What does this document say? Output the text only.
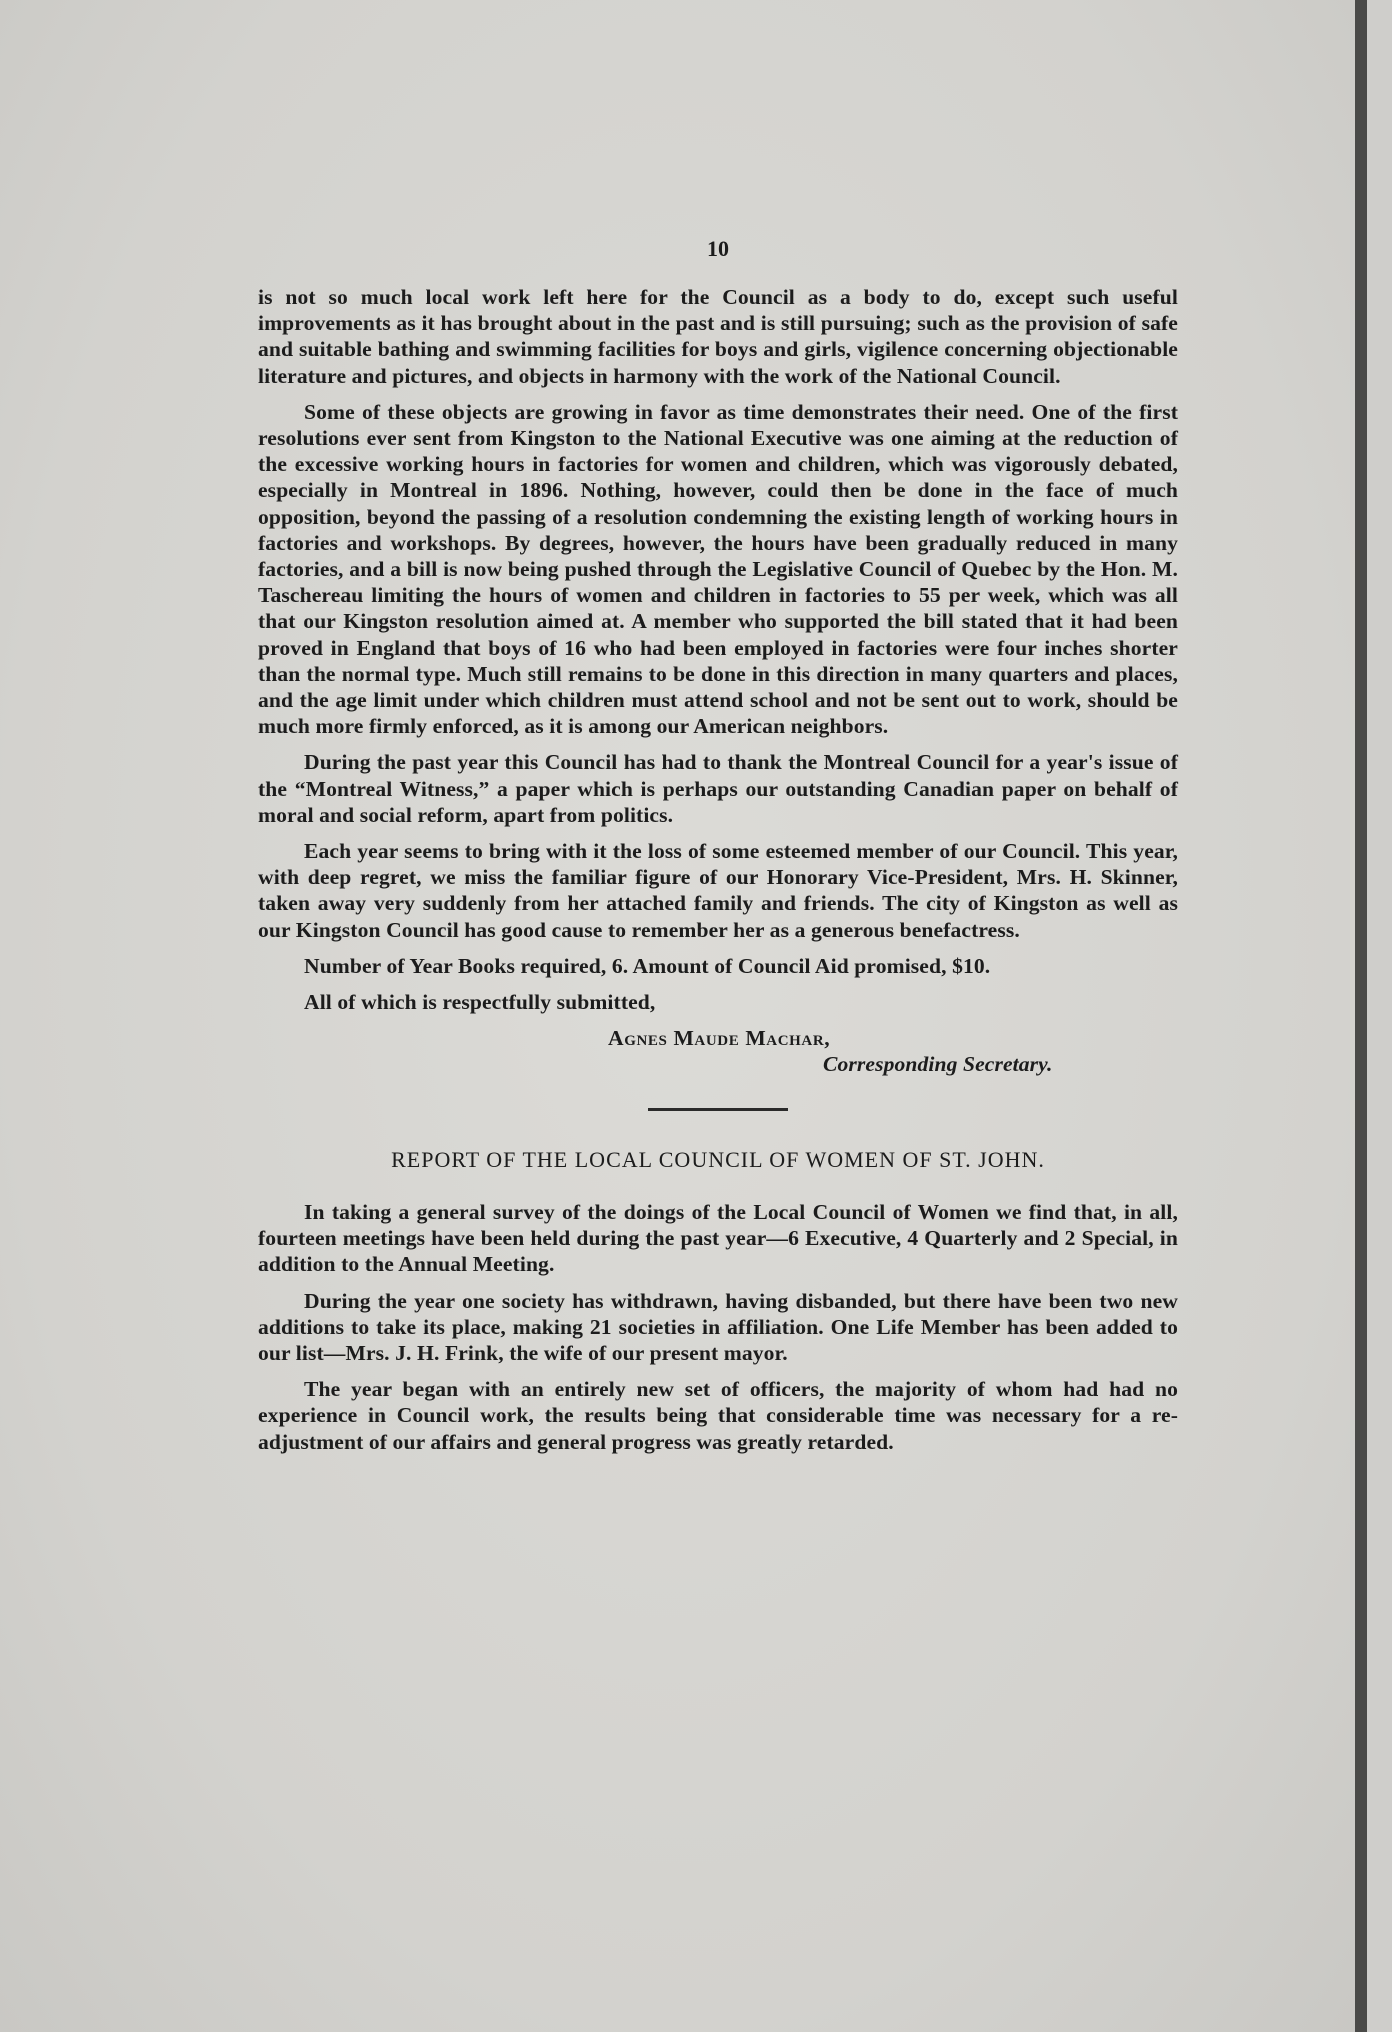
10

is not so much local work left here for the Council as a body to do, except such useful improvements as it has brought about in the past and is still pursuing; such as the provision of safe and suitable bathing and swimming facilities for boys and girls, vigilence concerning objectionable literature and pictures, and objects in harmony with the work of the National Council.

Some of these objects are growing in favor as time demonstrates their need. One of the first resolutions ever sent from Kingston to the National Executive was one aiming at the reduction of the excessive working hours in factories for women and children, which was vigorously debated, especially in Montreal in 1896. Nothing, however, could then be done in the face of much opposition, beyond the passing of a resolution condemning the existing length of working hours in factories and workshops. By degrees, however, the hours have been gradually reduced in many factories, and a bill is now being pushed through the Legislative Council of Quebec by the Hon. M. Taschereau limiting the hours of women and children in factories to 55 per week, which was all that our Kingston resolution aimed at. A member who supported the bill stated that it had been proved in England that boys of 16 who had been employed in factories were four inches shorter than the normal type. Much still remains to be done in this direction in many quarters and places, and the age limit under which children must attend school and not be sent out to work, should be much more firmly enforced, as it is among our American neighbors.

During the past year this Council has had to thank the Montreal Council for a year's issue of the “Montreal Witness,” a paper which is perhaps our outstanding Canadian paper on behalf of moral and social reform, apart from politics.

Each year seems to bring with it the loss of some esteemed member of our Council. This year, with deep regret, we miss the familiar figure of our Honorary Vice-President, Mrs. H. Skinner, taken away very suddenly from her attached family and friends. The city of Kingston as well as our Kingston Council has good cause to remember her as a generous benefactress.

Number of Year Books required, 6. Amount of Council Aid promised, $10.

All of which is respectfully submitted,

Agnes Maude Machar,
Corresponding Secretary.
REPORT OF THE LOCAL COUNCIL OF WOMEN OF ST. JOHN.

In taking a general survey of the doings of the Local Council of Women we find that, in all, fourteen meetings have been held during the past year—6 Executive, 4 Quarterly and 2 Special, in addition to the Annual Meeting.

During the year one society has withdrawn, having disbanded, but there have been two new additions to take its place, making 21 societies in affiliation. One Life Member has been added to our list—Mrs. J. H. Frink, the wife of our present mayor.

The year began with an entirely new set of officers, the majority of whom had had no experience in Council work, the results being that considerable time was necessary for a re-adjustment of our affairs and general progress was greatly retarded.
